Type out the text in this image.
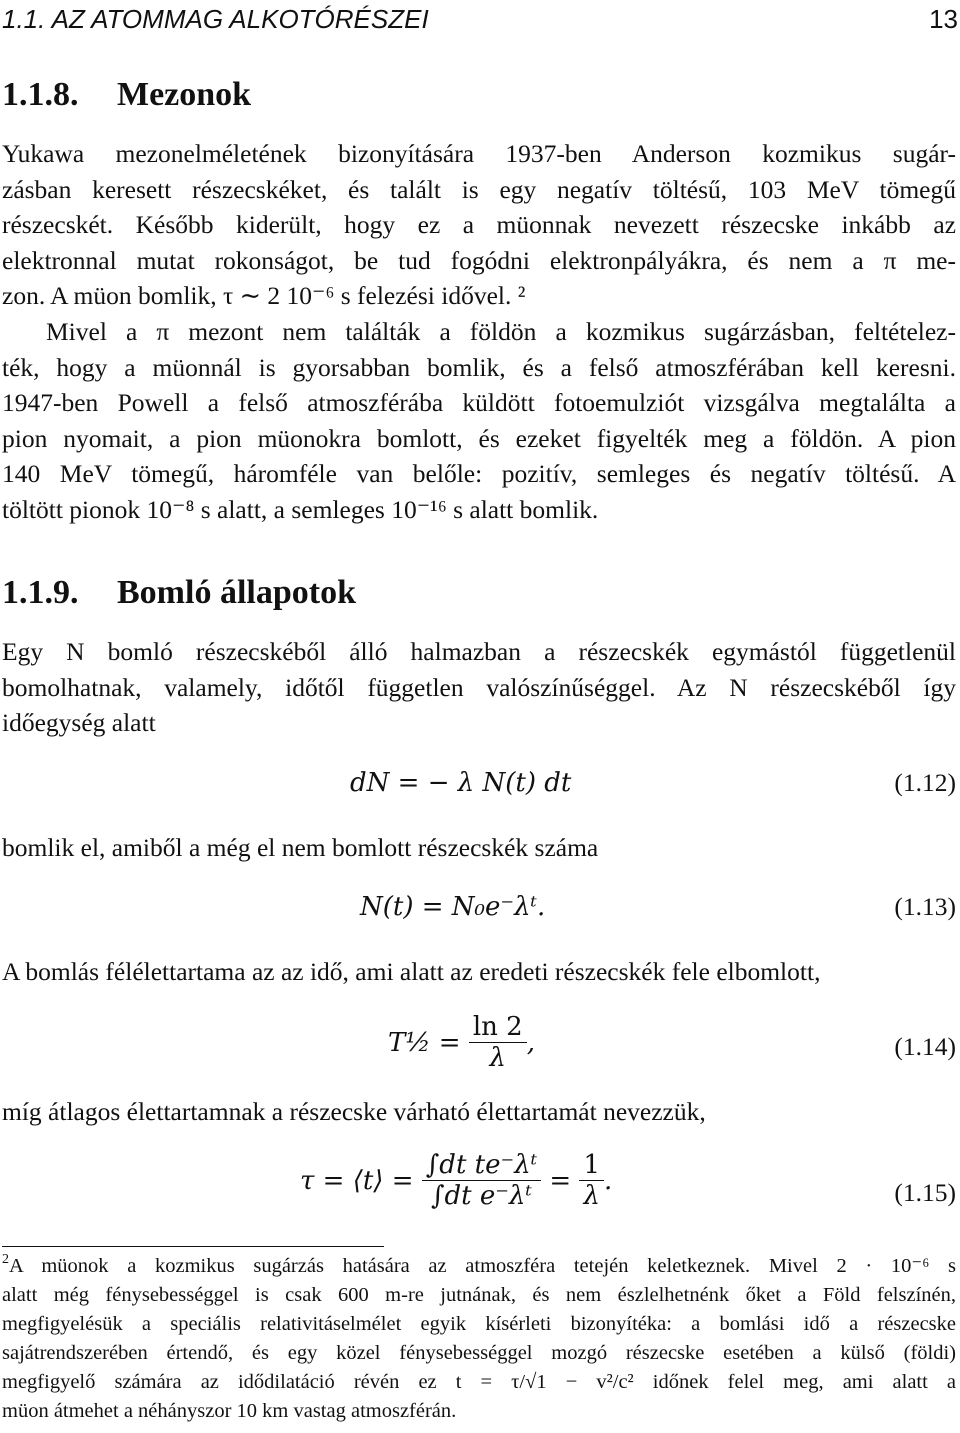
1.1. AZ ATOMMAG ALKOTÓRÉSZEI	13
1.1.8. Mezonok
Yukawa mezonelméletének bizonyítására 1937-ben Anderson kozmikus sugár-
zásban keresett részecskéket, és talált is egy negatív töltésű, 103 MeV tömegű
részecskét. Később kiderült, hogy ez a müonnak nevezett részecske inkább az
elektronnal mutat rokonságot, be tud fogódni elektronpályákra, és nem a π me-
zon. A müon bomlik, τ ∼ 2 10⁻⁶ s felezési idővel. ²
Mivel a π mezont nem találták a földön a kozmikus sugárzásban, feltételez-
ték, hogy a müonnál is gyorsabban bomlik, és a felső atmoszférában kell keresni.
1947-ben Powell a felső atmoszférába küldött fotoemulziót vizsgálva megtalálta a
pion nyomait, a pion müonokra bomlott, és ezeket figyelték meg a földön. A pion
140 MeV tömegű, háromféle van belőle: pozitív, semleges és negatív töltésű. A
töltött pionok 10⁻⁸ s alatt, a semleges 10⁻¹⁶ s alatt bomlik.
1.1.9. Bomló állapotok
Egy N bomló részecskéből álló halmazban a részecskék egymástól függetlenül
bomolhatnak, valamely, időtől független valószínűséggel. Az N részecskéből így
időegység alatt
dN = − λ N(t) dt	(1.12)
bomlik el, amiből a még el nem bomlott részecskék száma
N(t) = N₀e⁻λᵗ.	(1.13)
A bomlás félélettartama az az idő, ami alatt az eredeti részecskék fele elbomlott,
T½ = $\frac{\ln 2}{\lambda}$ ,	(1.14)
míg átlagos élettartamnak a részecske várható élettartamát nevezzük,
τ = ⟨t⟩ = $\frac{\text{∫dt te⁻λᵗ}}{\text{∫dt e⁻λᵗ}} = \frac{1}{\lambda}$ .	(1.15)
$^2$A müonok a kozmikus sugárzás hatására az atmoszféra tetején keletkeznek. Mivel 2 · 10⁻⁶ s
alatt még fénysebességgel is csak 600 m-re jutnának, és nem észlelhetnénk őket a Föld felszínén,
megfigyelésük a speciális relativitáselmélet egyik kísérleti bizonyítéka: a bomlási idő a részecske
sajátrendszerében értendő, és egy közel fénysebességgel mozgó részecske esetében a külső (földi)
megfigyelő számára az idődilatáció révén ez t = τ/√1 − v²/c² időnek felel meg, ami alatt a
müon átmehet a néhányszor 10 km vastag atmoszférán.
